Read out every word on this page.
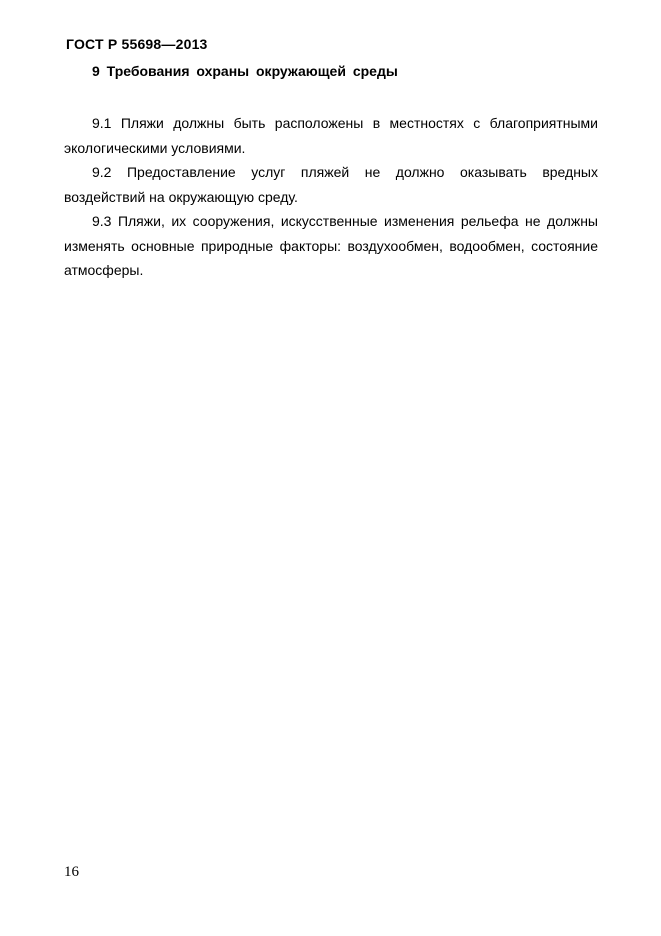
ГОСТ Р 55698—2013
9 Требования охраны окружающей среды

9.1 Пляжи должны быть расположены в местностях с благоприятными экологическими условиями.

9.2 Предоставление услуг пляжей не должно оказывать вредных воздействий на окружающую среду.

9.3 Пляжи, их сооружения, искусственные изменения рельефа не должны изменять основные природные факторы: воздухообмен, водообмен, состояние атмосферы.

16
